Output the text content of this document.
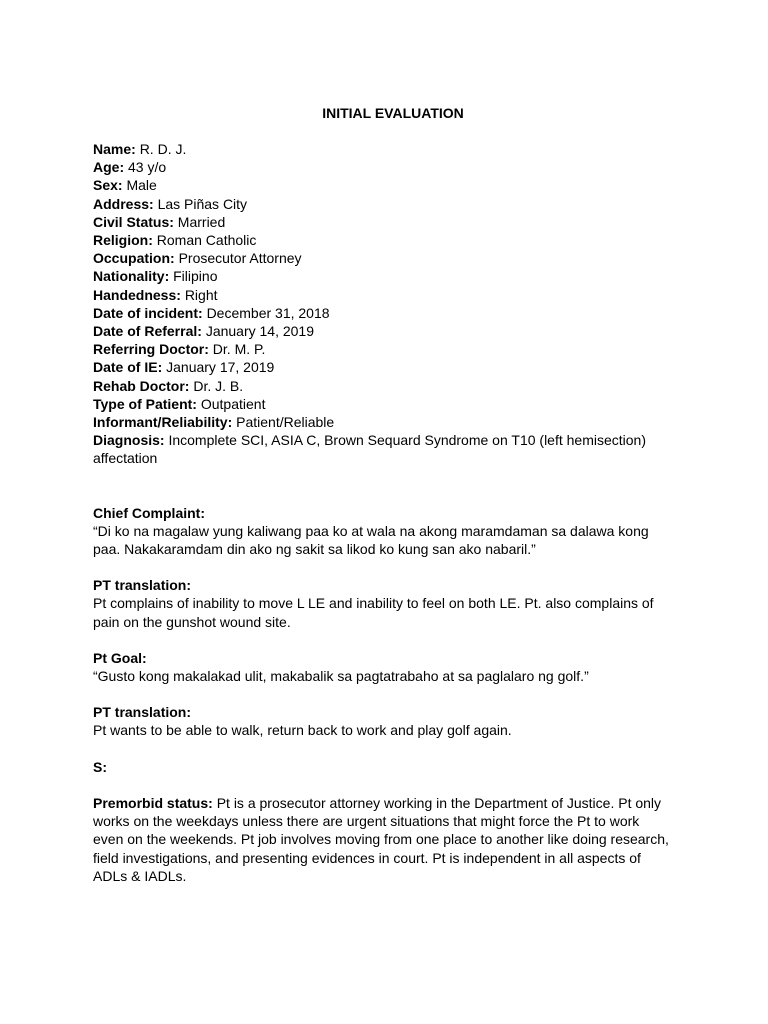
INITIAL EVALUATION
Name: R. D. J.
Age: 43 y/o
Sex: Male
Address: Las Piñas City
Civil Status: Married
Religion: Roman Catholic
Occupation: Prosecutor Attorney
Nationality: Filipino
Handedness: Right
Date of incident: December 31, 2018
Date of Referral: January 14, 2019
Referring Doctor: Dr. M. P.
Date of IE: January 17, 2019
Rehab Doctor: Dr. J. B.
Type of Patient: Outpatient
Informant/Reliability: Patient/Reliable
Diagnosis: Incomplete SCI, ASIA C, Brown Sequard Syndrome on T10 (left hemisection) affectation
Chief Complaint:
“Di ko na magalaw yung kaliwang paa ko at wala na akong maramdaman sa dalawa kong paa. Nakakaramdam din ako ng sakit sa likod ko kung san ako nabaril.”
PT translation:
Pt complains of inability to move L LE and inability to feel on both LE. Pt. also complains of pain on the gunshot wound site.
Pt Goal:
“Gusto kong makalakad ulit, makabalik sa pagtatrabaho at sa paglalaro ng golf.”
PT translation:
Pt wants to be able to walk, return back to work and play golf again.
S:
Premorbid status: Pt is a prosecutor attorney working in the Department of Justice. Pt only works on the weekdays unless there are urgent situations that might force the Pt to work even on the weekends. Pt job involves moving from one place to another like doing research, field investigations, and presenting evidences in court. Pt is independent in all aspects of ADLs & IADLs.
